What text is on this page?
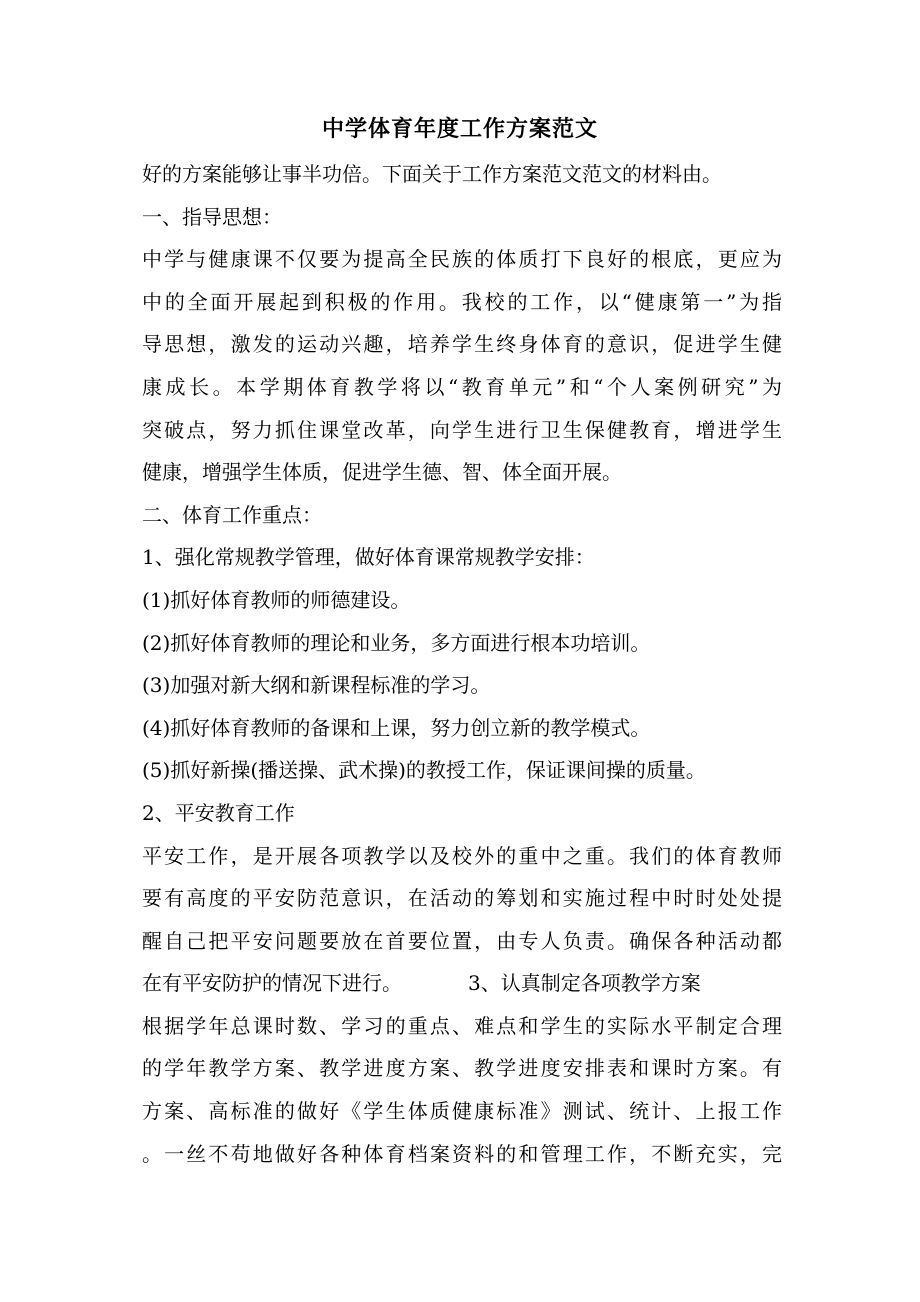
中学体育年度工作方案范文
好的方案能够让事半功倍。下面关于工作方案范文范文的材料由。
一、指导思想：
中学与健康课不仅要为提高全民族的体质打下良好的根底，更应为
中的全面开展起到积极的作用。我校的工作，以“健康第一”为指
导思想，激发的运动兴趣，培养学生终身体育的意识，促进学生健
康成长。本学期体育教学将以“教育单元”和“个人案例研究”为
突破点，努力抓住课堂改革，向学生进行卫生保健教育，增进学生
健康，增强学生体质，促进学生德、智、体全面开展。
二、体育工作重点：
1、强化常规教学管理，做好体育课常规教学安排：
(1)抓好体育教师的师德建设。
(2)抓好体育教师的理论和业务，多方面进行根本功培训。
(3)加强对新大纲和新课程标准的学习。
(4)抓好体育教师的备课和上课，努力创立新的教学模式。
(5)抓好新操(播送操、武术操)的教授工作，保证课间操的质量。
2、平安教育工作
平安工作，是开展各项教学以及校外的重中之重。我们的体育教师
要有高度的平安防范意识，在活动的筹划和实施过程中时时处处提
醒自己把平安问题要放在首要位置，由专人负责。确保各种活动都
在有平安防护的情况下进行。	3、认真制定各项教学方案
根据学年总课时数、学习的重点、难点和学生的实际水平制定合理
的学年教学方案、教学进度方案、教学进度安排表和课时方案。有
方案、高标准的做好《学生体质健康标准》测试、统计、上报工作
。一丝不苟地做好各种体育档案资料的和管理工作，不断充实，完
